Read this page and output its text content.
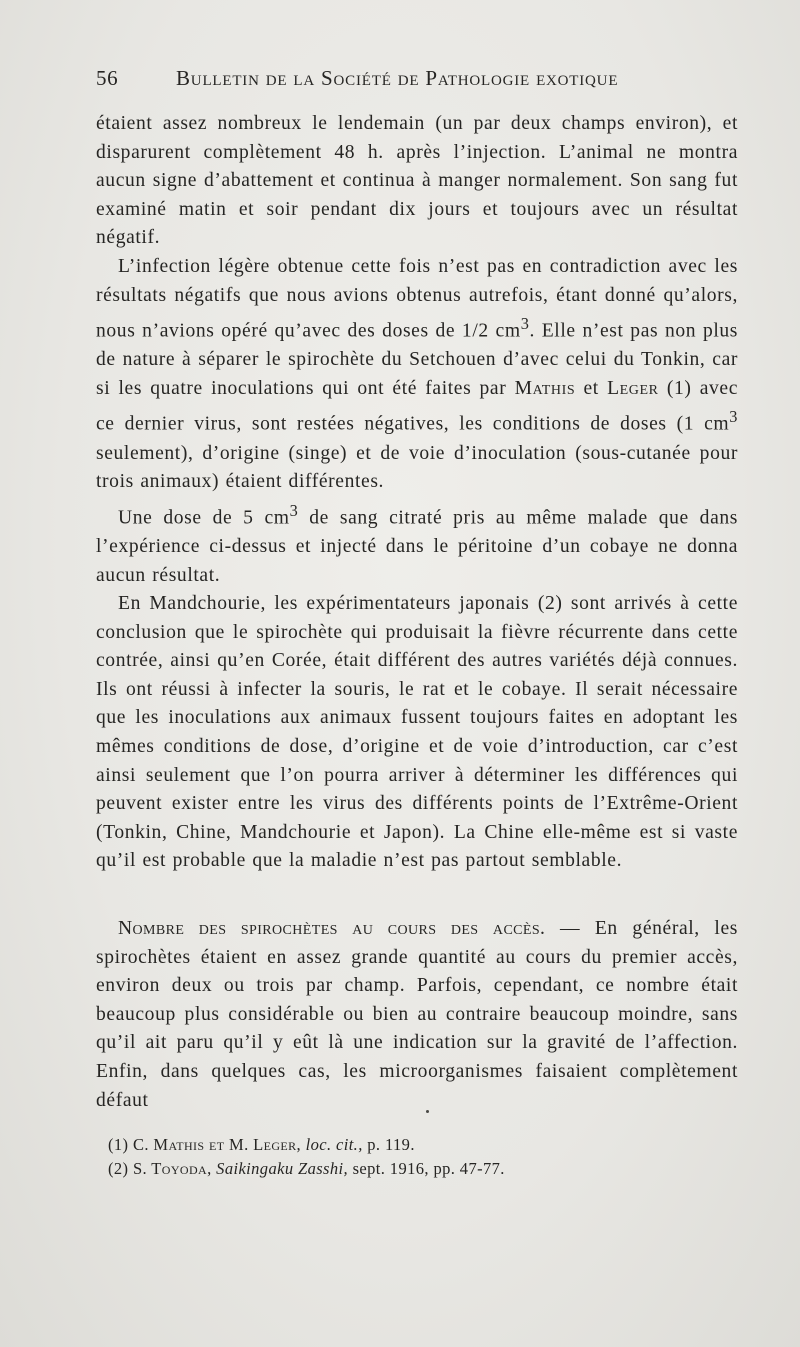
56	Bulletin de la Société de Pathologie exotique

étaient assez nombreux le lendemain (un par deux champs environ), et disparurent complètement 48 h. après l’injection. L’animal ne montra aucun signe d’abattement et continua à manger normalement. Son sang fut examiné matin et soir pendant dix jours et toujours avec un résultat négatif.

L’infection légère obtenue cette fois n’est pas en contradiction avec les résultats négatifs que nous avions obtenus autrefois, étant donné qu’alors, nous n’avions opéré qu’avec des doses de 1/2 $cm^3$. Elle n’est pas non plus de nature à séparer le spirochète du Setchouen d’avec celui du Tonkin, car si les quatre inoculations qui ont été faites par Mathis et Leger (1) avec ce dernier virus, sont restées négatives, les conditions de doses (1 $cm^3$ seulement), d’origine (singe) et de voie d’inoculation (sous-cutanée pour trois animaux) étaient différentes.

Une dose de 5 $cm^3$ de sang citraté pris au même malade que dans l’expérience ci-dessus et injecté dans le péritoine d’un cobaye ne donna aucun résultat.

En Mandchourie, les expérimentateurs japonais (2) sont arrivés à cette conclusion que le spirochète qui produisait la fièvre récurrente dans cette contrée, ainsi qu’en Corée, était différent des autres variétés déjà connues. Ils ont réussi à infecter la souris, le rat et le cobaye. Il serait nécessaire que les inoculations aux animaux fussent toujours faites en adoptant les mêmes conditions de dose, d’origine et de voie d’introduction, car c’est ainsi seulement que l’on pourra arriver à déterminer les différences qui peuvent exister entre les virus des différents points de l’Extrême-Orient (Tonkin, Chine, Mandchourie et Japon). La Chine elle-même est si vaste qu’il est probable que la maladie n’est pas partout semblable.

Nombre des spirochètes au cours des accès. — En général, les spirochètes étaient en assez grande quantité au cours du premier accès, environ deux ou trois par champ. Parfois, cependant, ce nombre était beaucoup plus considérable ou bien au contraire beaucoup moindre, sans qu’il ait paru qu’il y eût là une indication sur la gravité de l’affection. Enfin, dans quelques cas, les microorganismes faisaient complètement défaut

(1) C. Mathis et M. Leger, loc. cit., p. 119.

(2) S. Toyoda, Saikingaku Zasshi, sept. 1916, pp. 47-77.
